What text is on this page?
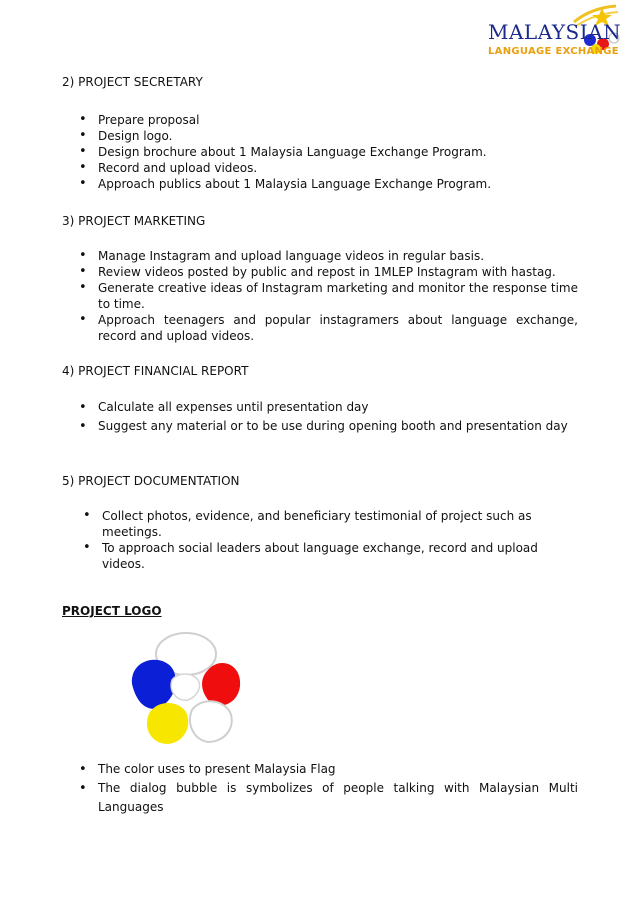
MALAYSIAN
LANGUAGE EXCHANGE
2) PROJECT SECRETARY
• Prepare proposal
• Design logo.
• Design brochure about 1 Malaysia Language Exchange Program.
• Record and upload videos.
• Approach publics about 1 Malaysia Language Exchange Program.
3) PROJECT MARKETING
• Manage Instagram and upload language videos in regular basis.
• Review videos posted by public and repost in 1MLEP Instagram with hastag.
• Generate creative ideas of Instagram marketing and monitor the response time to time.
• Approach teenagers and popular instagramers about language exchange, record and upload videos.
4) PROJECT FINANCIAL REPORT
• Calculate all expenses until presentation day
• Suggest any material or to be use during opening booth and presentation day
5) PROJECT DOCUMENTATION
• Collect photos, evidence, and beneficiary testimonial of project such as meetings.
• To approach social leaders about language exchange, record and upload videos.
PROJECT LOGO
• The color uses to present Malaysia Flag
• The dialog bubble is symbolizes of people talking with Malaysian Multi Languages
